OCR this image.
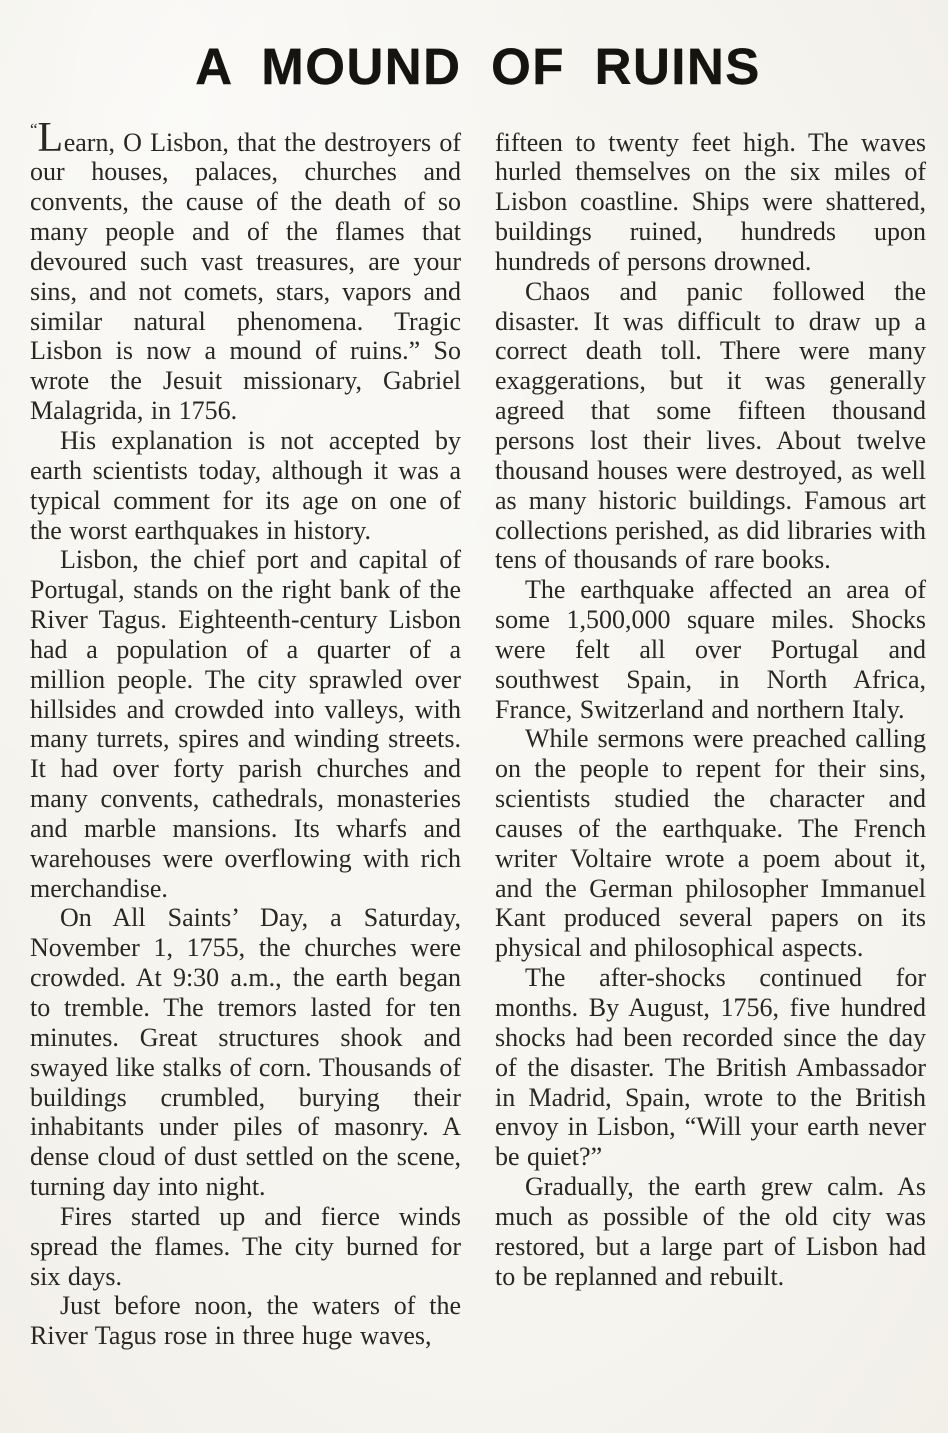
A MOUND OF RUINS

“Learn, O Lisbon, that the destroyers of our houses, palaces, churches and convents, the cause of the death of so many people and of the flames that devoured such vast treasures, are your sins, and not comets, stars, vapors and similar natural phenomena. Tragic Lisbon is now a mound of ruins.” So wrote the Jesuit missionary, Gabriel Malagrida, in 1756.

His explanation is not accepted by earth scientists today, although it was a typical comment for its age on one of the worst earthquakes in history.

Lisbon, the chief port and capital of Portugal, stands on the right bank of the River Tagus. Eighteenth-century Lisbon had a population of a quarter of a million people. The city sprawled over hillsides and crowded into valleys, with many turrets, spires and winding streets. It had over forty parish churches and many convents, cathedrals, monasteries and marble mansions. Its wharfs and warehouses were overflowing with rich merchandise.

On All Saints’ Day, a Saturday, November 1, 1755, the churches were crowded. At 9:30 a.m., the earth began to tremble. The tremors lasted for ten minutes. Great structures shook and swayed like stalks of corn. Thousands of buildings crumbled, burying their inhabitants under piles of masonry. A dense cloud of dust settled on the scene, turning day into night.

Fires started up and fierce winds spread the flames. The city burned for six days.

Just before noon, the waters of the River Tagus rose in three huge waves,

fifteen to twenty feet high. The waves hurled themselves on the six miles of Lisbon coastline. Ships were shattered, buildings ruined, hundreds upon hundreds of persons drowned.

Chaos and panic followed the disaster. It was difficult to draw up a correct death toll. There were many exaggerations, but it was generally agreed that some fifteen thousand persons lost their lives. About twelve thousand houses were destroyed, as well as many historic buildings. Famous art collections perished, as did libraries with tens of thousands of rare books.

The earthquake affected an area of some 1,500,000 square miles. Shocks were felt all over Portugal and southwest Spain, in North Africa, France, Switzerland and northern Italy.

While sermons were preached calling on the people to repent for their sins, scientists studied the character and causes of the earthquake. The French writer Voltaire wrote a poem about it, and the German philosopher Immanuel Kant produced several papers on its physical and philosophical aspects.

The after-shocks continued for months. By August, 1756, five hundred shocks had been recorded since the day of the disaster. The British Ambassador in Madrid, Spain, wrote to the British envoy in Lisbon, “Will your earth never be quiet?”

Gradually, the earth grew calm. As much as possible of the old city was restored, but a large part of Lisbon had to be replanned and rebuilt.
